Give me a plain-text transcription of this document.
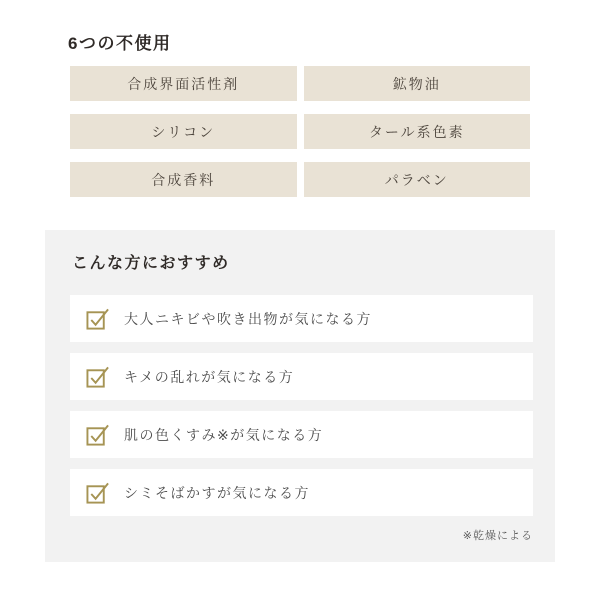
6つの不使用
合成界面活性剤	鉱物油
シリコン	タール系色素
合成香料	パラベン
こんな方におすすめ
大人ニキビや吹き出物が気になる方
キメの乱れが気になる方
肌の色くすみ※が気になる方
シミそばかすが気になる方
※乾燥による
